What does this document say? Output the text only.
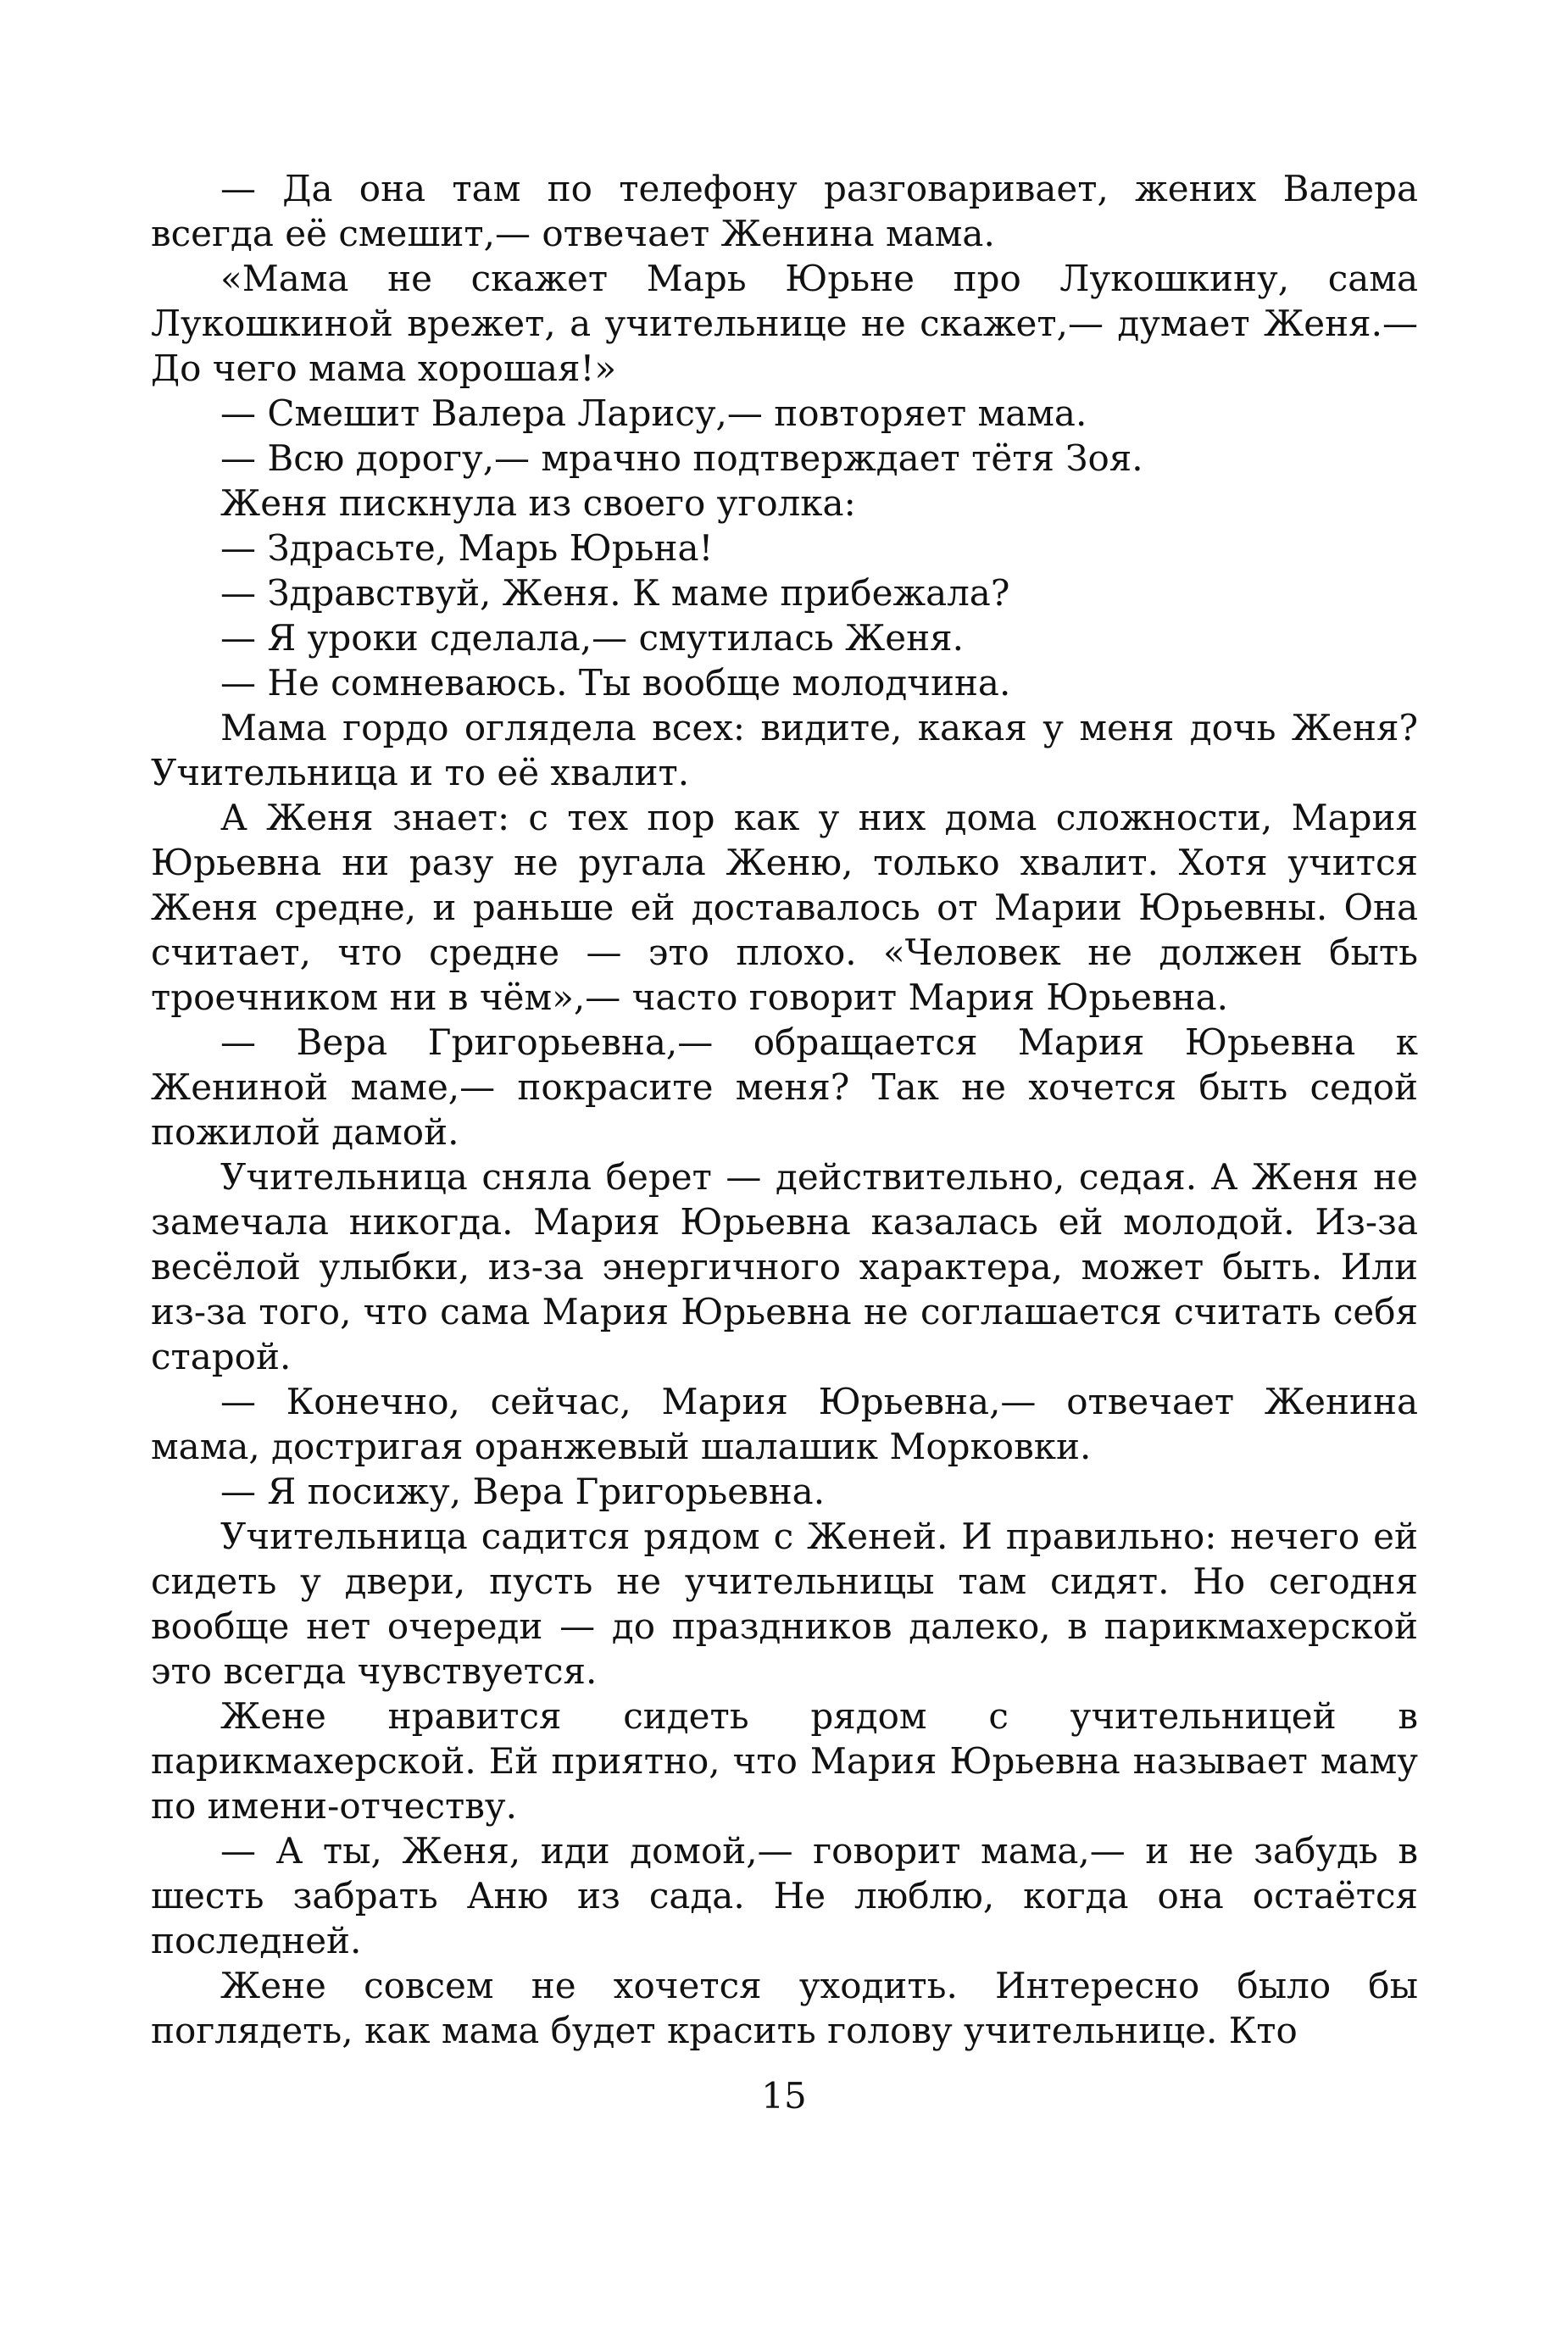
— Да она там по телефону разговаривает, жених Валера всегда её смешит,— отвечает Женина мама.

«Мама не скажет Марь Юрьне про Лукошкину, сама Лукошкиной врежет, а учительнице не скажет,— думает Женя.— До чего мама хорошая!»

— Смешит Валера Ларису,— повторяет мама.

— Всю дорогу,— мрачно подтверждает тётя Зоя.

Женя пискнула из своего уголка:

— Здрасьте, Марь Юрьна!

— Здравствуй, Женя. К маме прибежала?

— Я уроки сделала,— смутилась Женя.

— Не сомневаюсь. Ты вообще молодчина.

Мама гордо оглядела всех: видите, какая у меня дочь Женя? Учительница и то её хвалит.

А Женя знает: с тех пор как у них дома сложности, Мария Юрьевна ни разу не ругала Женю, только хвалит. Хотя учится Женя средне, и раньше ей доставалось от Марии Юрьевны. Она считает, что средне — это плохо. «Человек не должен быть троечником ни в чём»,— часто говорит Мария Юрьевна.

— Вера Григорьевна,— обращается Мария Юрьевна к Жениной маме,— покрасите меня? Так не хочется быть седой пожилой дамой.

Учительница сняла берет — действительно, седая. А Женя не замечала никогда. Мария Юрьевна казалась ей молодой. Из-за весёлой улыбки, из-за энергичного характера, может быть. Или из-за того, что сама Мария Юрьевна не соглашается считать себя старой.

— Конечно, сейчас, Мария Юрьевна,— отвечает Женина мама, достригая оранжевый шалашик Морковки.

— Я посижу, Вера Григорьевна.

Учительница садится рядом с Женей. И правильно: нечего ей сидеть у двери, пусть не учительницы там сидят. Но сегодня вообще нет очереди — до праздников далеко, в парикмахерской это всегда чувствуется.

Жене нравится сидеть рядом с учительницей в парикмахерской. Ей приятно, что Мария Юрьевна называет маму по имени-отчеству.

— А ты, Женя, иди домой,— говорит мама,— и не забудь в шесть забрать Аню из сада. Не люблю, когда она остаётся последней.

Жене совсем не хочется уходить. Интересно было бы поглядеть, как мама будет красить голову учительнице. Кто

15
